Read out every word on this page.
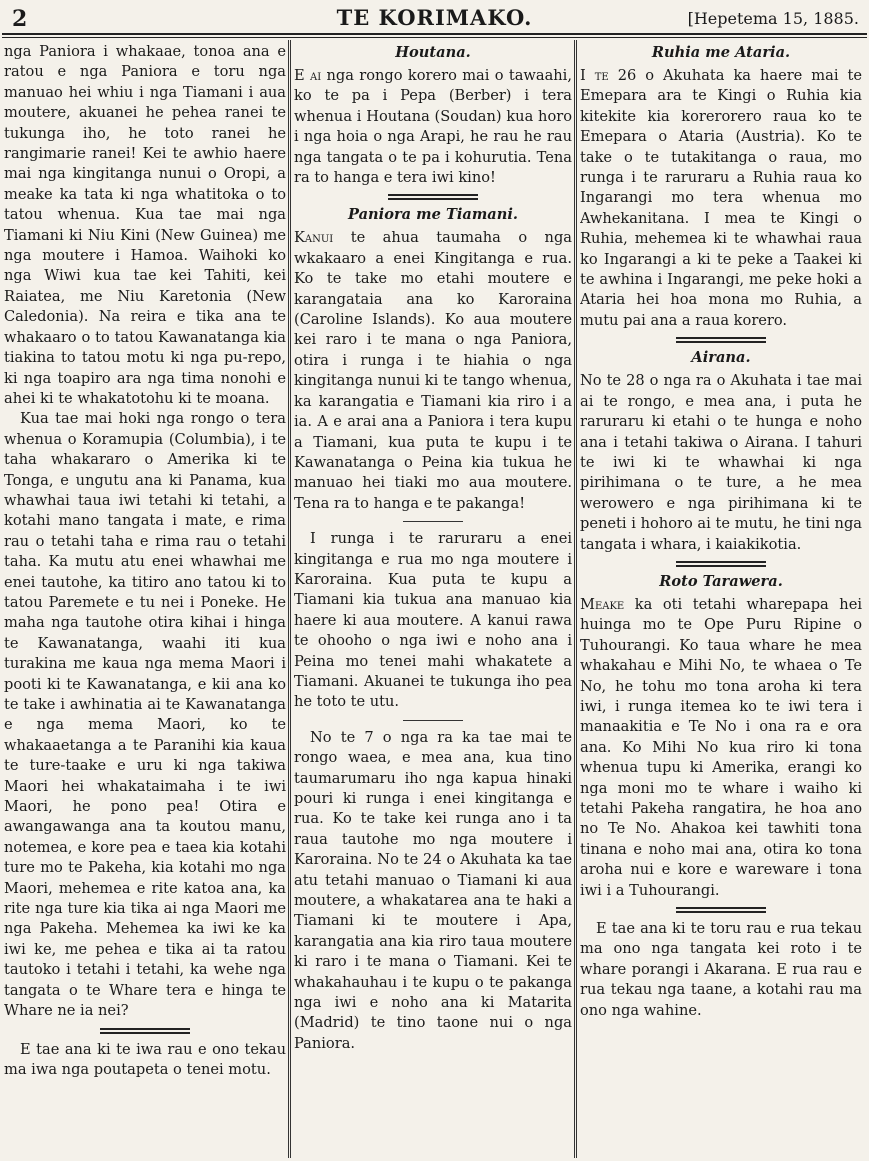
2	TE KORIMAKO.	[Hepetema 15, 1885.

nga Paniora i whakaae, tonoa ana e ratou e nga Paniora e toru nga manuao hei whiu i nga Tiamani i aua moutere, akuanei he pehea ranei te tukunga iho, he toto ranei he rangimarie ranei! Kei te awhio haere mai nga kingitanga nunui o Oropi, a meake ka tata ki nga whatitoka o to tatou whenua. Kua tae mai nga Tiamani ki Niu Kini (New Guinea) me nga moutere i Hamoa. Waihoki ko nga Wiwi kua tae kei Tahiti, kei Raiatea, me Niu Karetonia (New Caledonia). Na reira e tika ana te whakaaro o to tatou Kawanatanga kia tiakina to tatou motu ki nga pu-repo, ki nga toapiro ara nga tima nonohi e ahei ki te whakatotohu ki te moana.

Kua tae mai hoki nga rongo o tera whenua o Koramupia (Columbia), i te taha whakararo o Amerika ki te Tonga, e ungutu ana ki Panama, kua whawhai taua iwi tetahi ki tetahi, a kotahi mano tangata i mate, e rima rau o tetahi taha e rima rau o tetahi taha. Ka mutu atu enei whawhai me enei tautohe, ka titiro ano tatou ki to tatou Paremete e tu nei i Poneke. He maha nga tautohe otira kihai i hinga te Kawanatanga, waahi iti kua turakina me kaua nga mema Maori i pooti ki te Kawanatanga, e kii ana ko te take i awhinatia ai te Kawanatanga e nga mema Maori, ko te whakaaetanga a te Paranihi kia kaua te ture-taake e uru ki nga takiwa Maori hei whakataimaha i te iwi Maori, he pono pea! Otira e awangawanga ana ta koutou manu, notemea, e kore pea e taea kia kotahi ture mo te Pakeha, kia kotahi mo nga Maori, mehemea e rite katoa ana, ka rite nga ture kia tika ai nga Maori me nga Pakeha. Mehemea ka iwi ke ka iwi ke, me pehea e tika ai ta ratou tautoko i tetahi i tetahi, ka wehe nga tangata o te Whare tera e hinga te Whare ne ia nei?

E tae ana ki te iwa rau e ono tekau ma iwa nga poutapeta o tenei motu.

Houtana.

E ai nga rongo korero mai o tawaahi, ko te pa i Pepa (Berber) i tera whenua i Houtana (Soudan) kua horo i nga hoia o nga Arapi, he rau he rau nga tangata o te pa i kohurutia. Tena ra to hanga e tera iwi kino!

Paniora me Tiamani.

Kanui te ahua taumaha o nga wkakaaro a enei Kingitanga e rua. Ko te take mo etahi moutere e karangataia ana ko Karoraina (Caroline Islands). Ko aua moutere kei raro i te mana o nga Paniora, otira i runga i te hiahia o nga kingitanga nunui ki te tango whenua, ka karangatia e Tiamani kia riro i a ia. A e arai ana a Paniora i tera kupu a Tiamani, kua puta te kupu i te Kawanatanga o Peina kia tukua he manuao hei tiaki mo aua moutere. Tena ra to hanga e te pakanga!

I runga i te raruraru a enei kingitanga e rua mo nga moutere i Karoraina. Kua puta te kupu a Tiamani kia tukua ana manuao kia haere ki aua moutere. A kanui rawa te ohooho o nga iwi e noho ana i Peina mo tenei mahi whakatete a Tiamani. Akuanei te tukunga iho pea he toto te utu.

No te 7 o nga ra ka tae mai te rongo waea, e mea ana, kua tino taumarumaru iho nga kapua hinaki pouri ki runga i enei kingitanga e rua. Ko te take kei runga ano i ta raua tautohe mo nga moutere i Karoraina. No te 24 o Akuhata ka tae atu tetahi manuao o Tiamani ki aua moutere, a whakatarea ana te haki a Tiamani ki te moutere i Apa, karangatia ana kia riro taua moutere ki raro i te mana o Tiamani. Kei te whakahauhau i te kupu o te pakanga nga iwi e noho ana ki Matarita (Madrid) te tino taone nui o nga Paniora.

Ruhia me Ataria.

I te 26 o Akuhata ka haere mai te Emepara ara te Kingi o Ruhia kia kitekite kia korerorero raua ko te Emepara o Ataria (Austria). Ko te take o te tutakitanga o raua, mo runga i te raruraru a Ruhia raua ko Ingarangi mo tera whenua mo Awhekanitana. I mea te Kingi o Ruhia, mehemea ki te whawhai raua ko Ingarangi a ki te peke a Taakei ki te awhina i Ingarangi, me peke hoki a Ataria hei hoa mona mo Ruhia, a mutu pai ana a raua korero.

Airana.

No te 28 o nga ra o Akuhata i tae mai ai te rongo, e mea ana, i puta he raruraru ki etahi o te hunga e noho ana i tetahi takiwa o Airana. I tahuri te iwi ki te whawhai ki nga pirihimana o te ture, a he mea werowero e nga pirihimana ki te peneti i hohoro ai te mutu, he tini nga tangata i whara, i kaiakikotia.

Roto Tarawera.

Meake ka oti tetahi wharepapa hei huinga mo te Ope Puru Ripine o Tuhourangi. Ko taua whare he mea whakahau e Mihi No, te whaea o Te No, he tohu mo tona aroha ki tera iwi, i runga itemea ko te iwi tera i manaakitia e Te No i ona ra e ora ana. Ko Mihi No kua riro ki tona whenua tupu ki Amerika, erangi ko nga moni mo te whare i waiho ki tetahi Pakeha rangatira, he hoa ano no Te No. Ahakoa kei tawhiti tona tinana e noho mai ana, otira ko tona aroha nui e kore e wareware i tona iwi i a Tuhourangi.

E tae ana ki te toru rau e rua tekau ma ono nga tangata kei roto i te whare porangi i Akarana. E rua rau e rua tekau nga taane, a kotahi rau ma ono nga wahine.
